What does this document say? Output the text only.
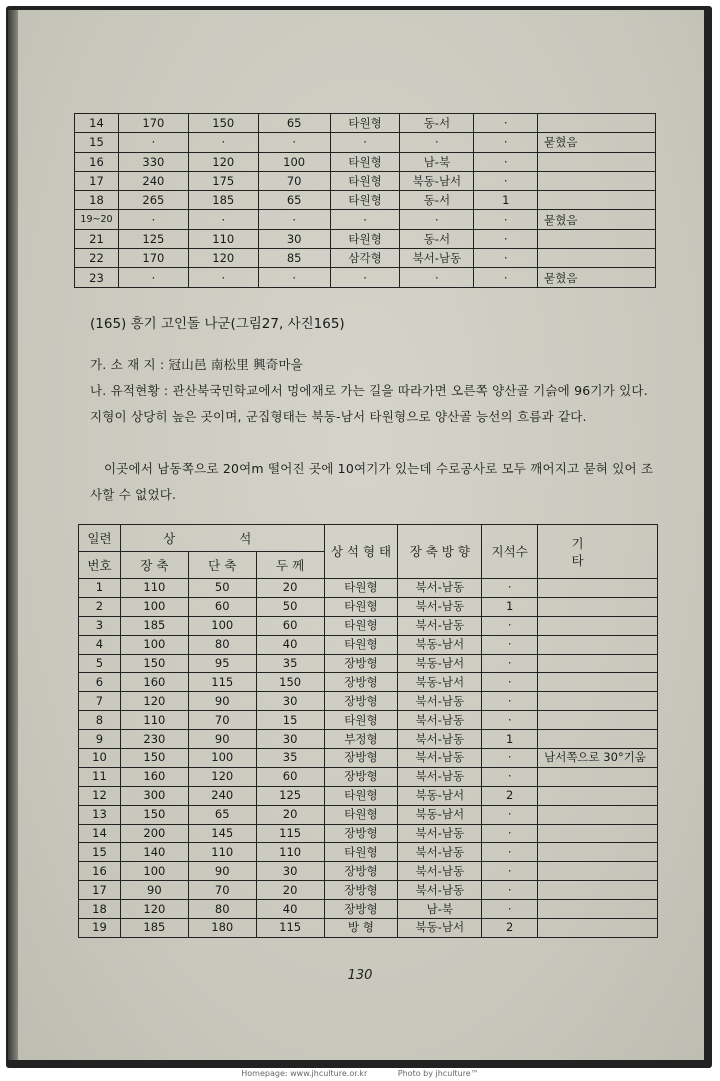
14	170	150	65	타원형	동-서	·	
15	·	·	·	·	·	·	묻혔음
16	330	120	100	타원형	남-북	·	
17	240	175	70	타원형	북동-남서	·	
18	265	185	65	타원형	동-서	1	
19~20	·	·	·	·	·	·	묻혔음
21	125	110	30	타원형	동-서	·	
22	170	120	85	삼각형	북서-남동	·	
23	·	·	·	·	·	·	묻혔음
(165) 흥기 고인돌 나군(그림27, 사진165)
가. 소 재 지 : 冠山邑 南松里 興奇마을
나. 유적현황 : 관산북국민학교에서 멍에재로 가는 길을 따라가면 오른쪽 양산골 기슭에 96기가 있다. 지형이 상당히 높은 곳이며, 군집형태는 북동-남서 타원형으로 양산골 능선의 흐름과 같다.
이곳에서 남동쪽으로 20여m 떨어진 곳에 10여기가 있는데 수로공사로 모두 깨어지고 묻혀 있어 조사할 수 없었다.
일련	상 석			상 석 형 태	장 축 방 향	지석수	기 타
번호	장 축	단 축	두 께				
1	110	50	20	타원형	북서-남동	·	
2	100	60	50	타원형	북서-남동	1	
3	185	100	60	타원형	북서-남동	·	
4	100	80	40	타원형	북동-남서	·	
5	150	95	35	장방형	북동-남서	·	
6	160	115	150	장방형	북동-남서	·	
7	120	90	30	장방형	북서-남동	·	
8	110	70	15	타원형	북서-남동	·	
9	230	90	30	부정형	북서-남동	1	
10	150	100	35	장방형	북서-남동	·	남서쪽으로 30°기움
11	160	120	60	장방형	북서-남동	·	
12	300	240	125	타원형	북동-남서	2	
13	150	65	20	타원형	북동-남서	·	
14	200	145	115	장방형	북서-남동	·	
15	140	110	110	타원형	북서-남동	·	
16	100	90	30	장방형	북서-남동	·	
17	90	70	20	장방형	북서-남동	·	
18	120	80	40	장방형	남-북	·	
19	185	180	115	방 형	북동-남서	2	
130
Homepage: www.jhculture.or.kr	Photo by jhculture™
